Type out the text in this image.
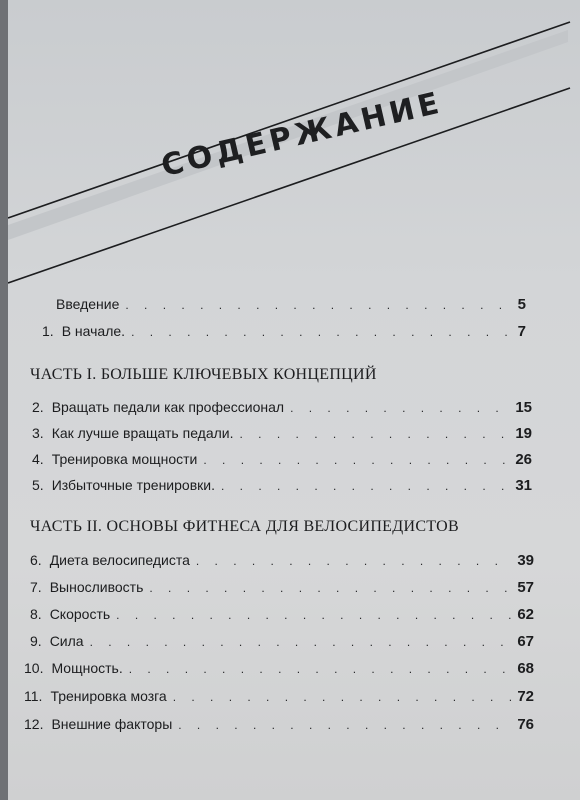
СОДЕРЖАНИЕ
Введение . . .	5
1. В начале. . . .	7
ЧАСТЬ I. БОЛЬШЕ КЛЮЧЕВЫХ КОНЦЕПЦИЙ
2. Вращать педали как профессионал . . .	15
3. Как лучше вращать педали. . . .	19
4. Тренировка мощности . . .	26
5. Избыточные тренировки. . . .	31
ЧАСТЬ II. ОСНОВЫ ФИТНЕСА ДЛЯ ВЕЛОСИПЕДИСТОВ
6. Диета велосипедиста . . .	39
7. Выносливость . . .	57
8. Скорость . . .	62
9. Сила . . .	67
10. Мощность. . . .	68
11. Тренировка мозга . . .	72
12. Внешние факторы . . .	76
